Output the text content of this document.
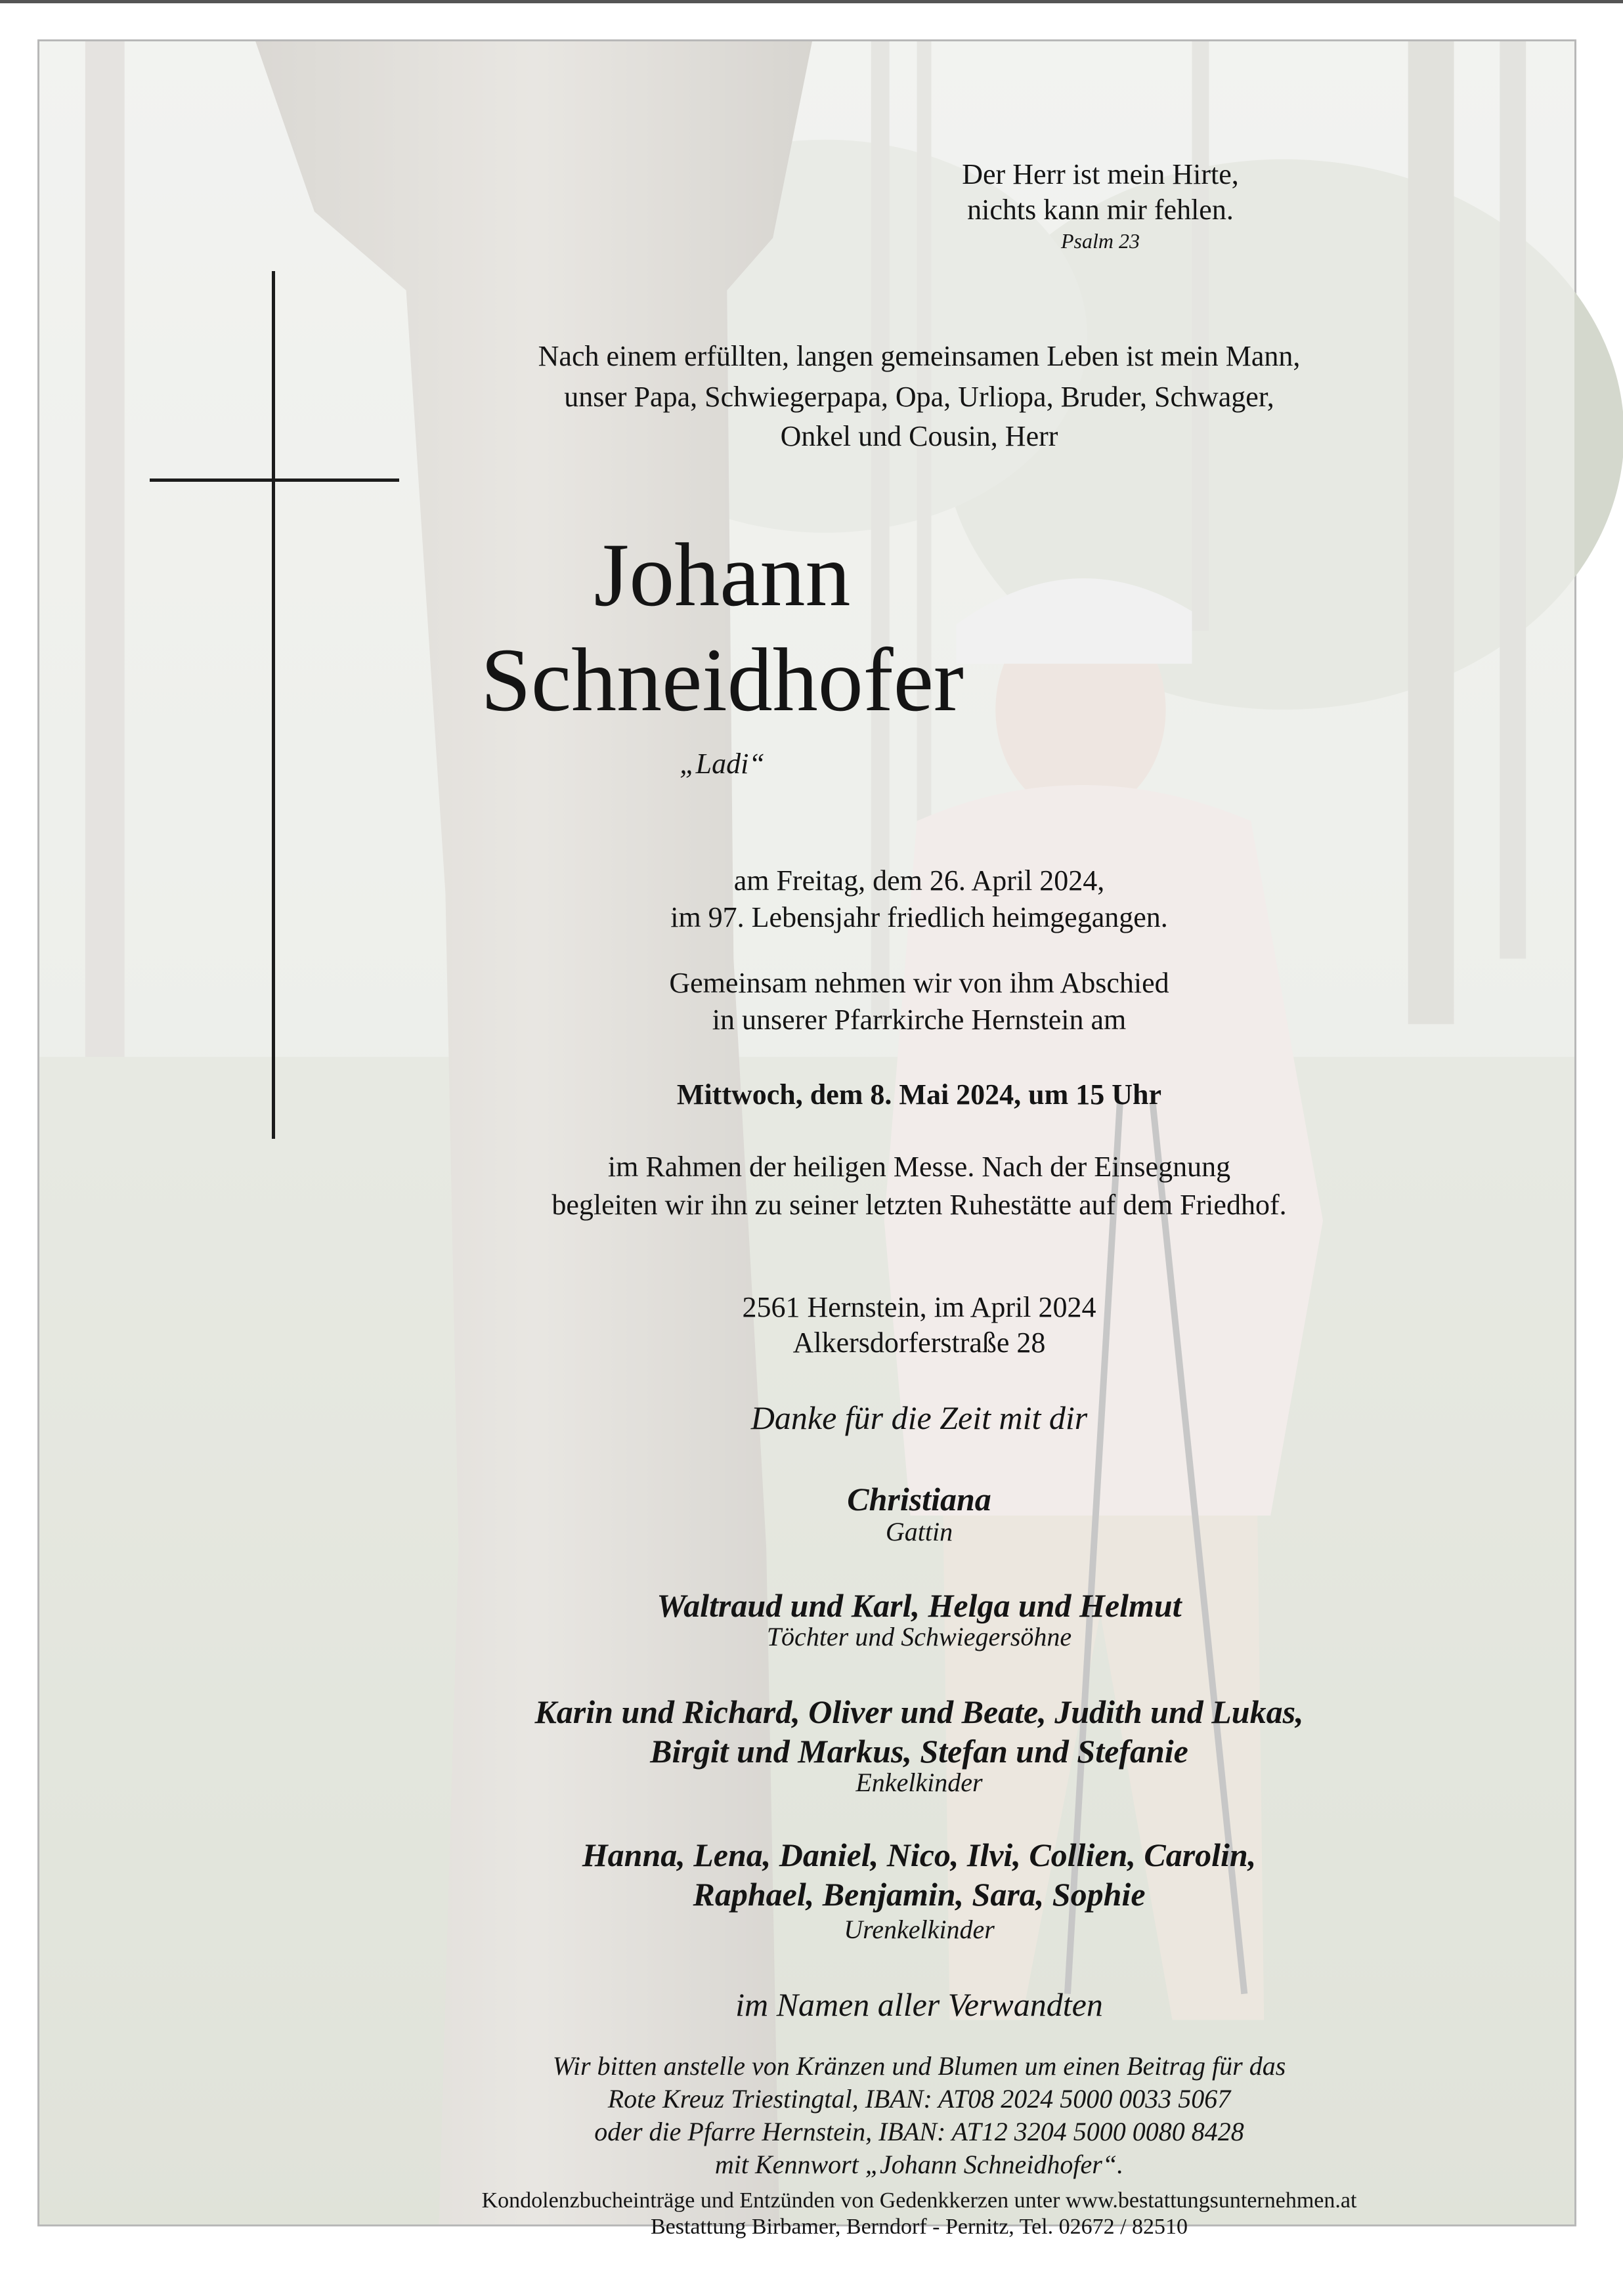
Der Herr ist mein Hirte,
nichts kann mir fehlen.
Psalm 23
Nach einem erfüllten, langen gemeinsamen Leben ist mein Mann,
unser Papa, Schwiegerpapa, Opa, Urliopa, Bruder, Schwager,
Onkel und Cousin, Herr
Johann
Schneidhofer
„Ladi“
am Freitag, dem 26. April 2024,
im 97. Lebensjahr friedlich heimgegangen.
Gemeinsam nehmen wir von ihm Abschied
in unserer Pfarrkirche Hernstein am
Mittwoch, dem 8. Mai 2024, um 15 Uhr
im Rahmen der heiligen Messe. Nach der Einsegnung
begleiten wir ihn zu seiner letzten Ruhestätte auf dem Friedhof.
2561 Hernstein, im April 2024
Alkersdorferstraße 28
Danke für die Zeit mit dir
Christiana
Gattin
Waltraud und Karl, Helga und Helmut
Töchter und Schwiegersöhne
Karin und Richard, Oliver und Beate, Judith und Lukas,
Birgit und Markus, Stefan und Stefanie
Enkelkinder
Hanna, Lena, Daniel, Nico, Ilvi, Collien, Carolin,
Raphael, Benjamin, Sara, Sophie
Urenkelkinder
im Namen aller Verwandten
Wir bitten anstelle von Kränzen und Blumen um einen Beitrag für das
Rote Kreuz Triestingtal, IBAN: AT08 2024 5000 0033 5067
oder die Pfarre Hernstein, IBAN: AT12 3204 5000 0080 8428
mit Kennwort „Johann Schneidhofer“.
Kondolenzbucheinträge und Entzünden von Gedenkkerzen unter www.bestattungsunternehmen.at
Bestattung Birbamer, Berndorf - Pernitz, Tel. 02672 / 82510
